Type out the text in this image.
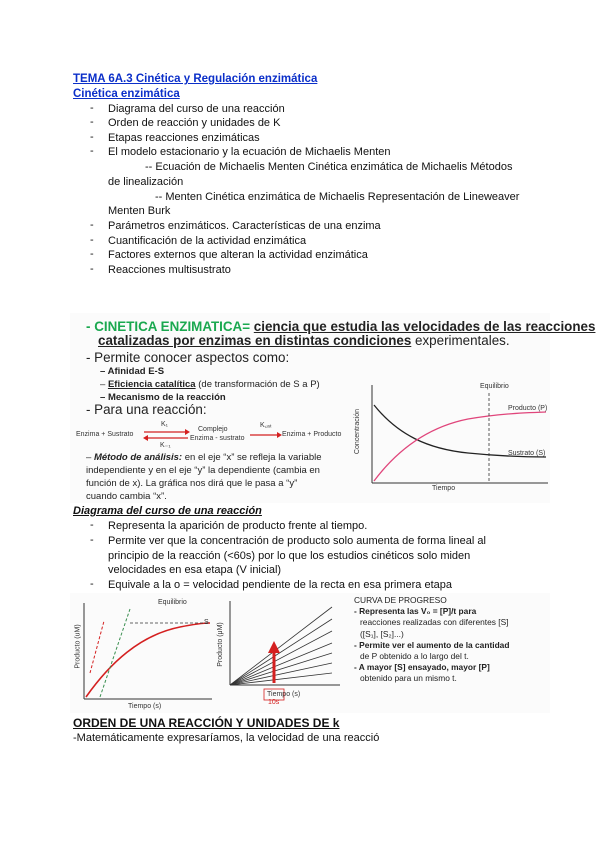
TEMA 6A.3 Cinética y Regulación enzimática
Cinética enzimática
- Diagrama del curso de una reacción
- Orden de reacción y unidades de K
- Etapas reacciones enzimáticas
- El modelo estacionario y la ecuación de Michaelis Menten
-- Ecuación de Michaelis Menten Cinética enzimática de Michaelis Métodos
de linealización
-- Menten Cinética enzimática de Michaelis Representación de Lineweaver
Menten Burk
- Parámetros enzimáticos. Características de una enzima
- Cuantificación de la actividad enzimática
- Factores externos que alteran la actividad enzimática
- Reacciones multisustrato
- CINETICA ENZIMATICA= ciencia que estudia las velocidades de las reacciones
catalizadas por enzimas en distintas condiciones experimentales.
- Permite conocer aspectos como:
– Afinidad E-S
– Eficiencia catalítica (de transformación de S a P)
– Mecanismo de la reacción
- Para una reacción:
Enzima + Sustrato
K₁
K₋₁
Complejo
Enzima - sustrato
K꜀ₐₜ
Enzima + Producto
– Método de análisis: en el eje “x” se refleja la variable
independiente y en el eje “y” la dependiente (cambia en
función de x). La gráfica nos dirá que le pasa a “y”
cuando cambia “x”.
Equilibrio
Producto (P)
Sustrato (S)
Concentración
Tiempo
Diagrama del curso de una reacción
- Representa la aparición de producto frente al tiempo.
- Permite ver que la concentración de producto solo aumenta de forma lineal al
principio de la reacción (<60s) por lo que los estudios cinéticos solo miden
velocidades en esa etapa (V inicial)
- Equivale a la o = velocidad pendiente de la recta en esa primera etapa
Equilibrio
S
Producto (uM)
Tiempo (s)
Tiempo (s)
10s
Producto (μM)
CURVA DE PROGRESO
- Representa las V₀ = [P]/t para
reacciones realizadas con diferentes [S]
([S₁], [S₂]...)
- Permite ver el aumento de la cantidad
de P obtenido a lo largo del t.
- A mayor [S] ensayado, mayor [P]
obtenido para un mismo t.
ORDEN DE UNA REACCIÓN Y UNIDADES DE k
-Matemáticamente expresaríamos, la velocidad de una reacció
